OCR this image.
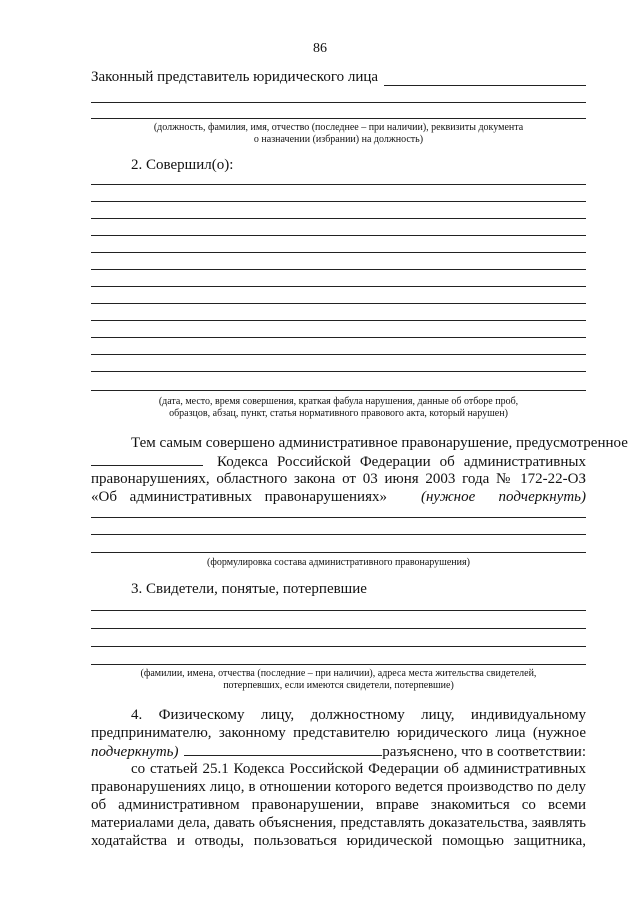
86
Законный представитель юридического лица
(должность, фамилия, имя, отчество (последнее – при наличии), реквизиты документа
о назначении (избрании) на должность)
2. Совершил(о):
(дата, место, время совершения, краткая фабула нарушения, данные об отборе проб,
образцов, абзац, пункт, статья нормативного правового акта, который нарушен)
Тем самым совершено административное правонарушение, предусмотренное
Кодекса Российской Федерации об административных
правонарушениях, областного закона от 03 июня 2003 года № 172-22-ОЗ
«Об административных правонарушениях» (нужное подчеркнуть)
(формулировка состава административного правонарушения)
3. Свидетели, понятые, потерпевшие
(фамилии, имена, отчества (последние – при наличии), адреса места жительства свидетелей,
потерпевших, если имеются свидетели, потерпевшие)
4. Физическому лицу, должностному лицу, индивидуальному
предпринимателю, законному представителю юридического лица (нужное
подчеркнуть)	разъяснено, что в соответствии:
со статьей 25.1 Кодекса Российской Федерации об административных
правонарушениях лицо, в отношении которого ведется производство по делу
об административном правонарушении, вправе знакомиться со всеми
материалами дела, давать объяснения, представлять доказательства, заявлять
ходатайства и отводы, пользоваться юридической помощью защитника,
